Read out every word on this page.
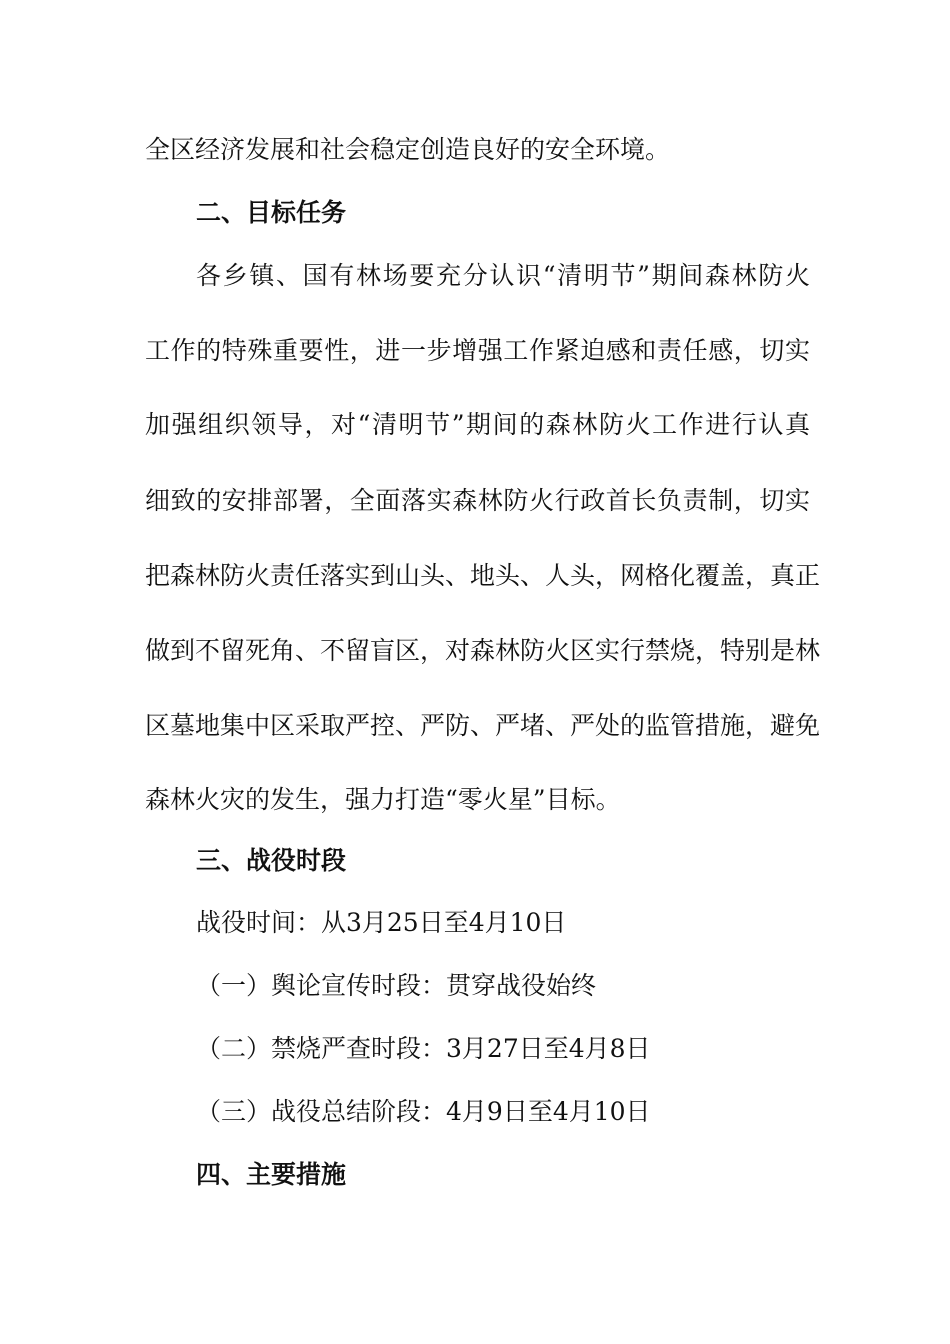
全区经济发展和社会稳定创造良好的安全环境。
二、目标任务
各乡镇、国有林场要充分认识“清明节”期间森林防火
工作的特殊重要性，进一步增强工作紧迫感和责任感，切实
加强组织领导，对“清明节”期间的森林防火工作进行认真
细致的安排部署，全面落实森林防火行政首长负责制，切实
把森林防火责任落实到山头、地头、人头，网格化覆盖，真正
做到不留死角、不留盲区，对森林防火区实行禁烧，特别是林
区墓地集中区采取严控、严防、严堵、严处的监管措施，避免
森林火灾的发生，强力打造“零火星”目标。
三、战役时段
战役时间：从3月25日至4月10日
（一）舆论宣传时段：贯穿战役始终
（二）禁烧严查时段：3月27日至4月8日
（三）战役总结阶段：4月9日至4月10日
四、主要措施
